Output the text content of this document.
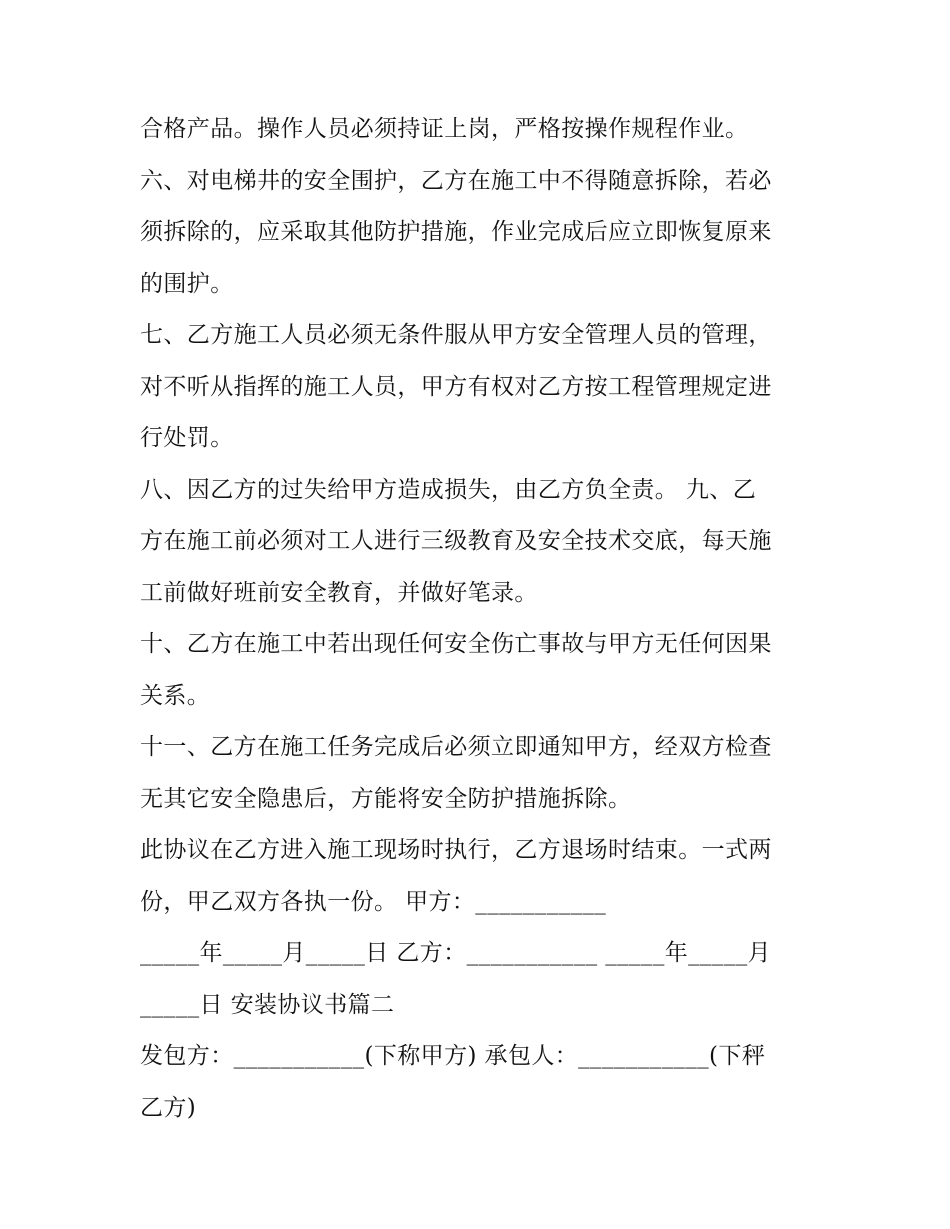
合格产品。操作人员必须持证上岗，严格按操作规程作业。
六、对电梯井的安全围护，乙方在施工中不得随意拆除，若必
须拆除的，应采取其他防护措施，作业完成后应立即恢复原来
的围护。
七、乙方施工人员必须无条件服从甲方安全管理人员的管理，
对不听从指挥的施工人员，甲方有权对乙方按工程管理规定进
行处罚。
八、因乙方的过失给甲方造成损失，由乙方负全责。 九、乙
方在施工前必须对工人进行三级教育及安全技术交底，每天施
工前做好班前安全教育，并做好笔录。
十、乙方在施工中若出现任何安全伤亡事故与甲方无任何因果
关系。
十一、乙方在施工任务完成后必须立即通知甲方，经双方检查
无其它安全隐患后，方能将安全防护措施拆除。
此协议在乙方进入施工现场时执行，乙方退场时结束。一式两
份，甲乙双方各执一份。 甲方：___________
_____年_____月_____日 乙方：___________ _____年_____月
_____日 安装协议书篇二
发包方：___________(下称甲方) 承包人：___________(下秤
乙方)
